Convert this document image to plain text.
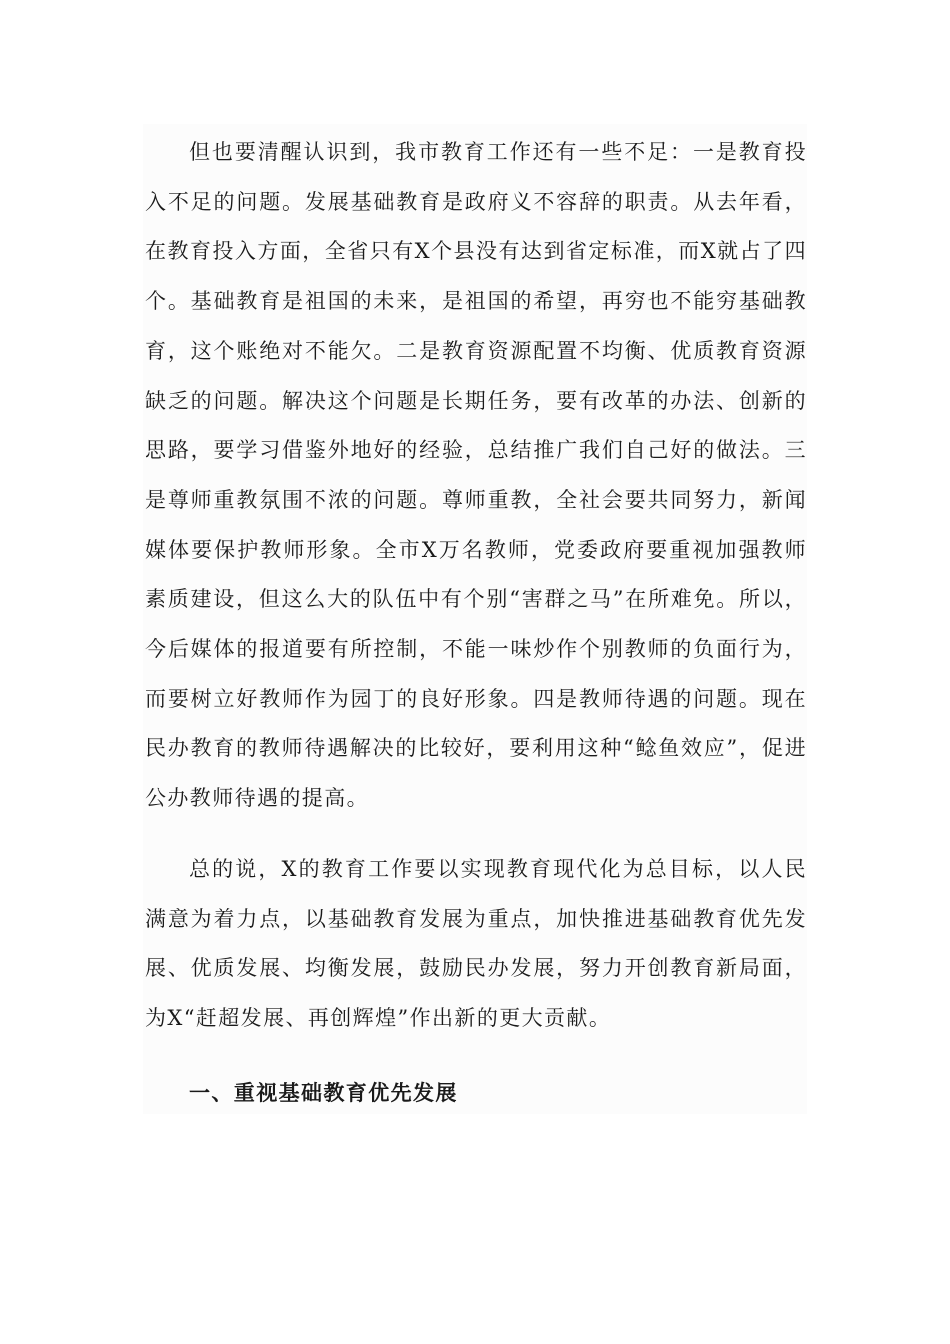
但也要清醒认识到，我市教育工作还有一些不足：一是教育投入不足的问题。发展基础教育是政府义不容辞的职责。从去年看，在教育投入方面，全省只有X个县没有达到省定标准，而X就占了四个。基础教育是祖国的未来，是祖国的希望，再穷也不能穷基础教育，这个账绝对不能欠。二是教育资源配置不均衡、优质教育资源缺乏的问题。解决这个问题是长期任务，要有改革的办法、创新的思路，要学习借鉴外地好的经验，总结推广我们自己好的做法。三是尊师重教氛围不浓的问题。尊师重教，全社会要共同努力，新闻媒体要保护教师形象。全市X万名教师，党委政府要重视加强教师素质建设，但这么大的队伍中有个别“害群之马”在所难免。所以，今后媒体的报道要有所控制，不能一味炒作个别教师的负面行为，而要树立好教师作为园丁的良好形象。四是教师待遇的问题。现在民办教育的教师待遇解决的比较好，要利用这种“鲶鱼效应”，促进公办教师待遇的提高。

总的说，X的教育工作要以实现教育现代化为总目标，以人民满意为着力点，以基础教育发展为重点，加快推进基础教育优先发展、优质发展、均衡发展，鼓励民办发展，努力开创教育新局面，为X“赶超发展、再创辉煌”作出新的更大贡献。

一、重视基础教育优先发展
